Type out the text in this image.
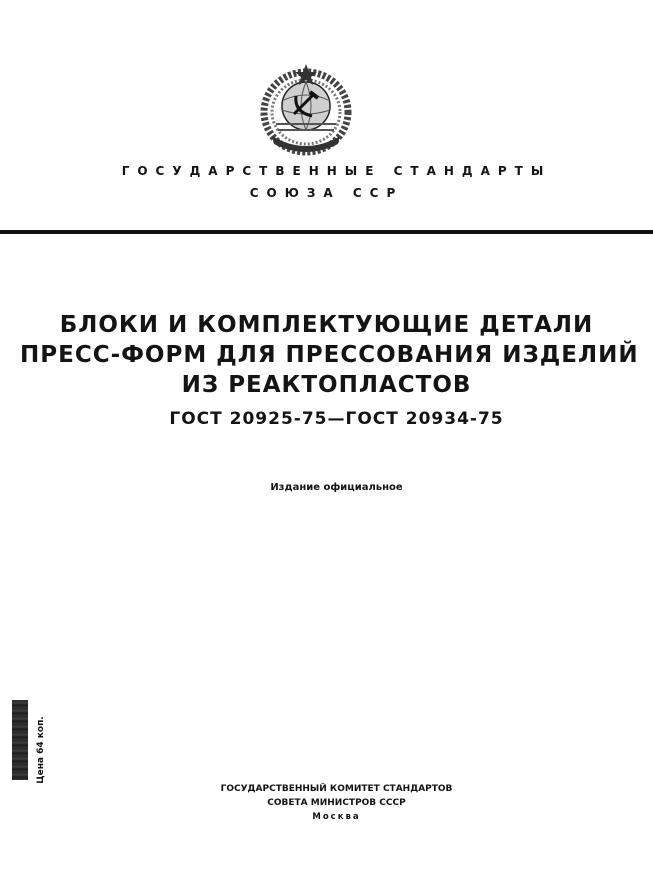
ГОСУДАРСТВЕННЫЕ СТАНДАРТЫ
СОЮЗА ССР
БЛОКИ И КОМПЛЕКТУЮЩИЕ ДЕТАЛИ
ПРЕСС-ФОРМ ДЛЯ ПРЕССОВАНИЯ ИЗДЕЛИЙ
ИЗ РЕАКТОПЛАСТОВ
ГОСТ 20925-75—ГОСТ 20934-75
Издание официальное
Цена 64 коп.
ГОСУДАРСТВЕННЫЙ КОМИТЕТ СТАНДАРТОВ
СОВЕТА МИНИСТРОВ СССР
Москва
